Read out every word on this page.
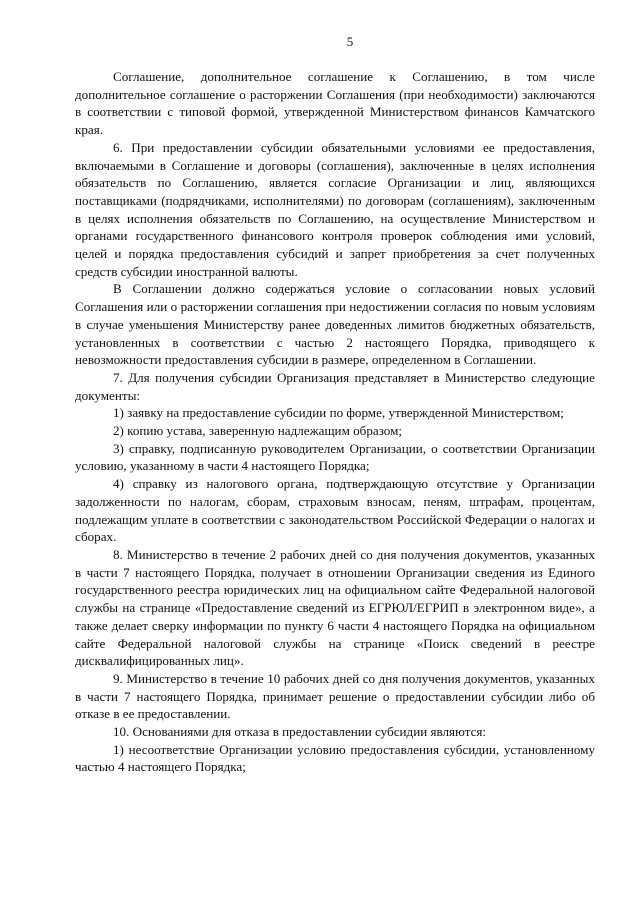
5

Соглашение, дополнительное соглашение к Соглашению, в том числе дополнительное соглашение о расторжении Соглашения (при необходимости) заключаются в соответствии с типовой формой, утвержденной Министерством финансов Камчатского края.

6. При предоставлении субсидии обязательными условиями ее предоставления, включаемыми в Соглашение и договоры (соглашения), заключенные в целях исполнения обязательств по Соглашению, является согласие Организации и лиц, являющихся поставщиками (подрядчиками, исполнителями) по договорам (соглашениям), заключенным в целях исполнения обязательств по Соглашению, на осуществление Министерством и органами государственного финансового контроля проверок соблюдения ими условий, целей и порядка предоставления субсидий и запрет приобретения за счет полученных средств субсидии иностранной валюты.

В Соглашении должно содержаться условие о согласовании новых условий Соглашения или о расторжении соглашения при недостижении согласия по новым условиям в случае уменьшения Министерству ранее доведенных лимитов бюджетных обязательств, установленных в соответствии с частью 2 настоящего Порядка, приводящего к невозможности предоставления субсидии в размере, определенном в Соглашении.

7. Для получения субсидии Организация представляет в Министерство следующие документы:

1) заявку на предоставление субсидии по форме, утвержденной Министерством;

2) копию устава, заверенную надлежащим образом;

3) справку, подписанную руководителем Организации, о соответствии Организации условию, указанному в части 4 настоящего Порядка;

4) справку из налогового органа, подтверждающую отсутствие у Организации задолженности по налогам, сборам, страховым взносам, пеням, штрафам, процентам, подлежащим уплате в соответствии с законодательством Российской Федерации о налогах и сборах.

8. Министерство в течение 2 рабочих дней со дня получения документов, указанных в части 7 настоящего Порядка, получает в отношении Организации сведения из Единого государственного реестра юридических лиц на официальном сайте Федеральной налоговой службы на странице «Предоставление сведений из ЕГРЮЛ/ЕГРИП в электронном виде», а также делает сверку информации по пункту 6 части 4 настоящего Порядка на официальном сайте Федеральной налоговой службы на странице «Поиск сведений в реестре дисквалифицированных лиц».

9. Министерство в течение 10 рабочих дней со дня получения документов, указанных в части 7 настоящего Порядка, принимает решение о предоставлении субсидии либо об отказе в ее предоставлении.

10. Основаниями для отказа в предоставлении субсидии являются:

1) несоответствие Организации условию предоставления субсидии, установленному частью 4 настоящего Порядка;
